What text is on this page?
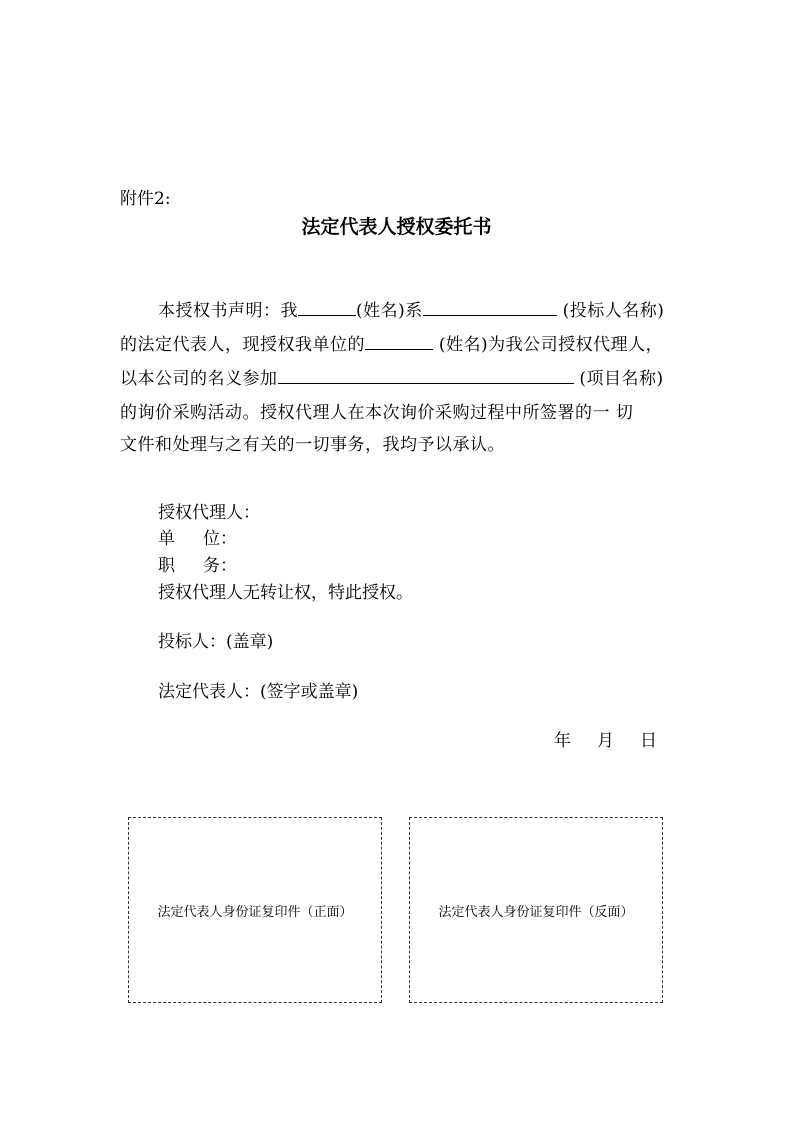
附件2:
法定代表人授权委托书
本授权书声明：我	(姓名)系	(投标人名称)
的法定代表人，现授权我单位的	(姓名)为我公司授权代理人，
以本公司的名义参加	(项目名称)
的询价采购活动。授权代理人在本次询价采购过程中所签署的一 切
文件和处理与之有关的一切事务，我均予以承认。
授权代理人：
单 位：
职 务：
授权代理人无转让权，特此授权。
投标人：(盖章)
法定代表人：(签字或盖章)
年 月 日
法定代表人身份证复印件（正面）	法定代表人身份证复印件（反面）
